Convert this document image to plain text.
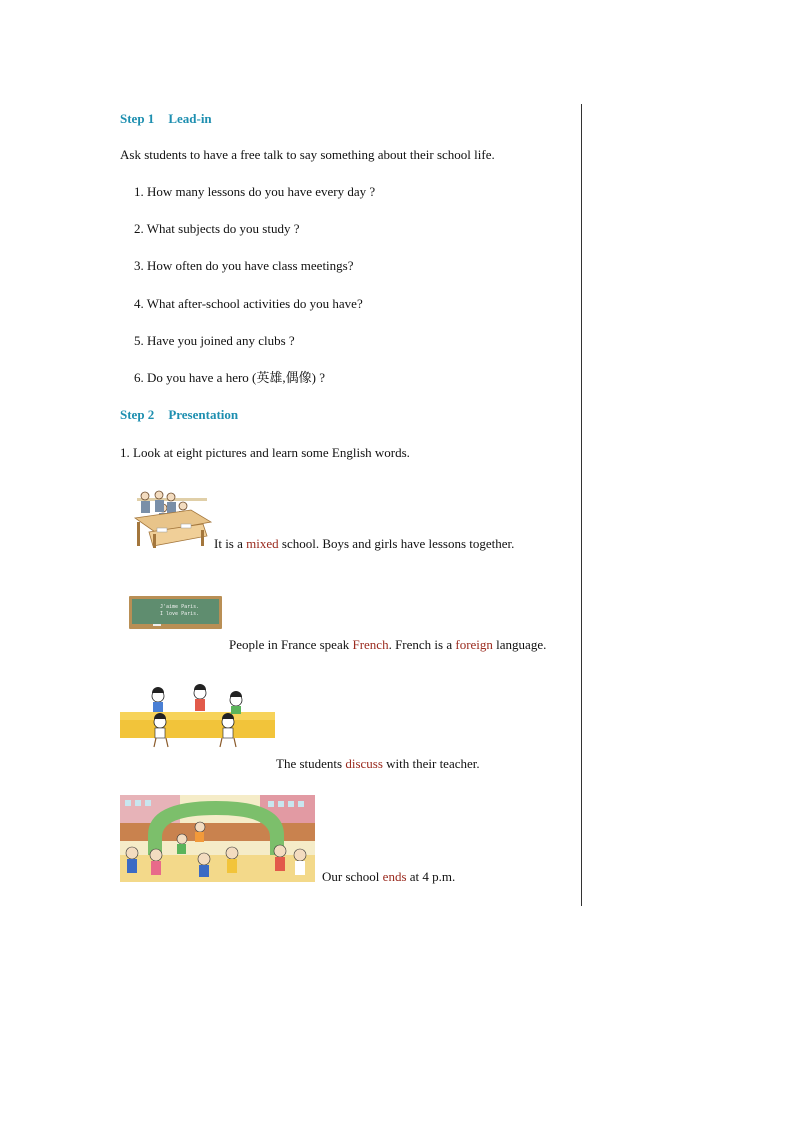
Step 1 Lead-in
Ask students to have a free talk to say something about their school life.
1. How many lessons do you have every day ?
2. What subjects do you study ?
3. How often do you have class meetings?
4. What after-school activities do you have?
5. Have you joined any clubs ?
6. Do you have a hero (英雄,偶像) ?
Step 2 Presentation
1. Look at eight pictures and learn some English words.
It is a mixed school. Boys and girls have lessons together.
J'aime Paris.
I love Paris.
People in France speak French. French is a foreign language.
The students discuss with their teacher.
Our school ends at 4 p.m.
